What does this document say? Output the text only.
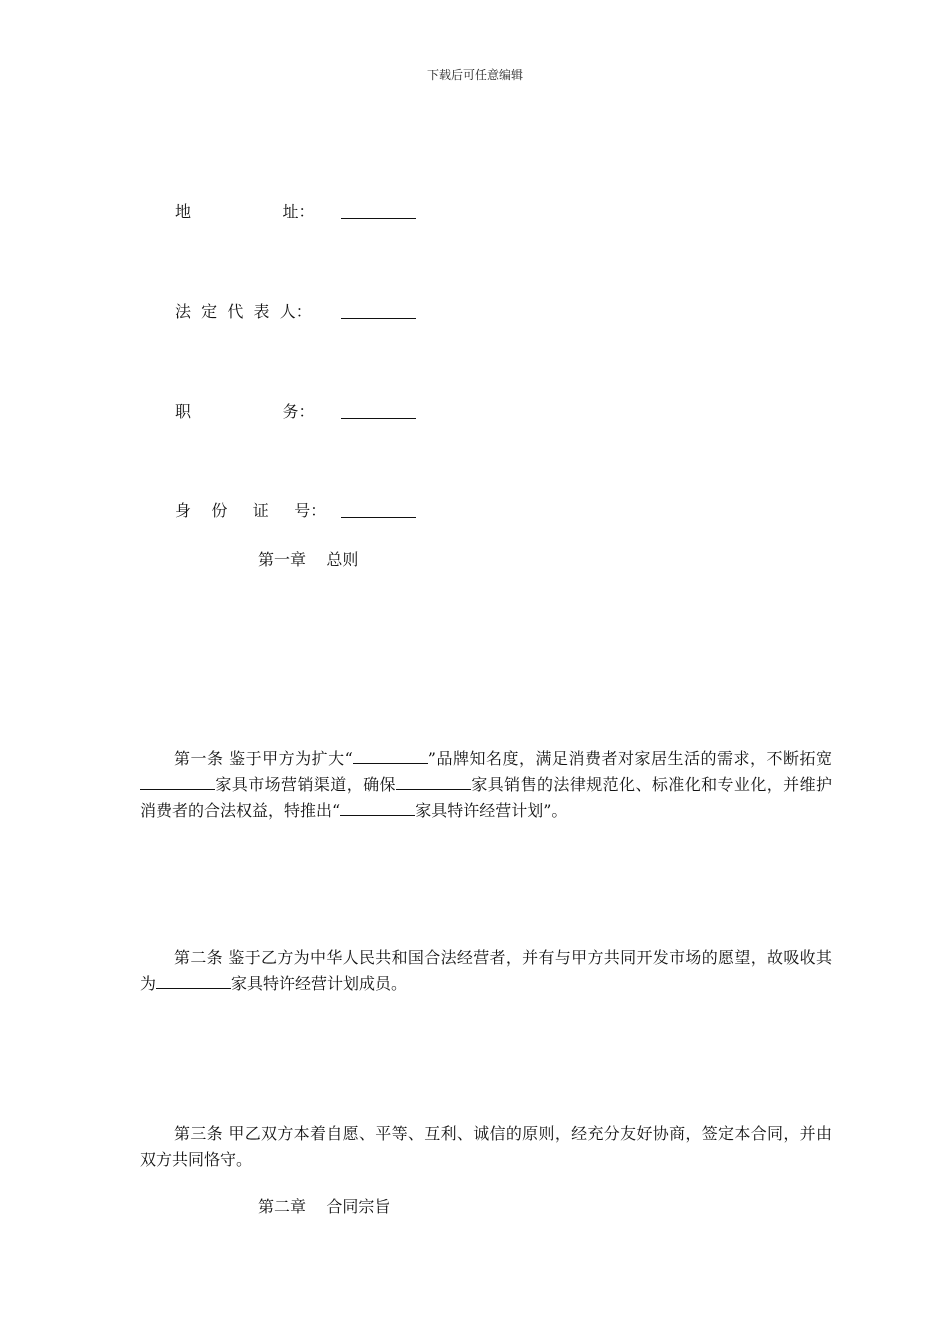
下载后可任意编辑

地                  址：

法  定  代  表  人：

职                  务：

身    份     证     号：

第一章    总则
第一条 鉴于甲方为扩大“	”品牌知名度，满足消费者对家居生活的需求，不断拓宽家具市场营销渠道，确保	家具销售的法律规范化、标准化和专业化，并维护消费者的合法权益，特推出“	家具特许经营计划”。
第二条 鉴于乙方为中华人民共和国合法经营者，并有与甲方共同开发市场的愿望，故吸收其为	家具特许经营计划成员。
第三条 甲乙双方本着自愿、平等、互利、诚信的原则，经充分友好协商，签定本合同，并由双方共同恪守。
第二章    合同宗旨
